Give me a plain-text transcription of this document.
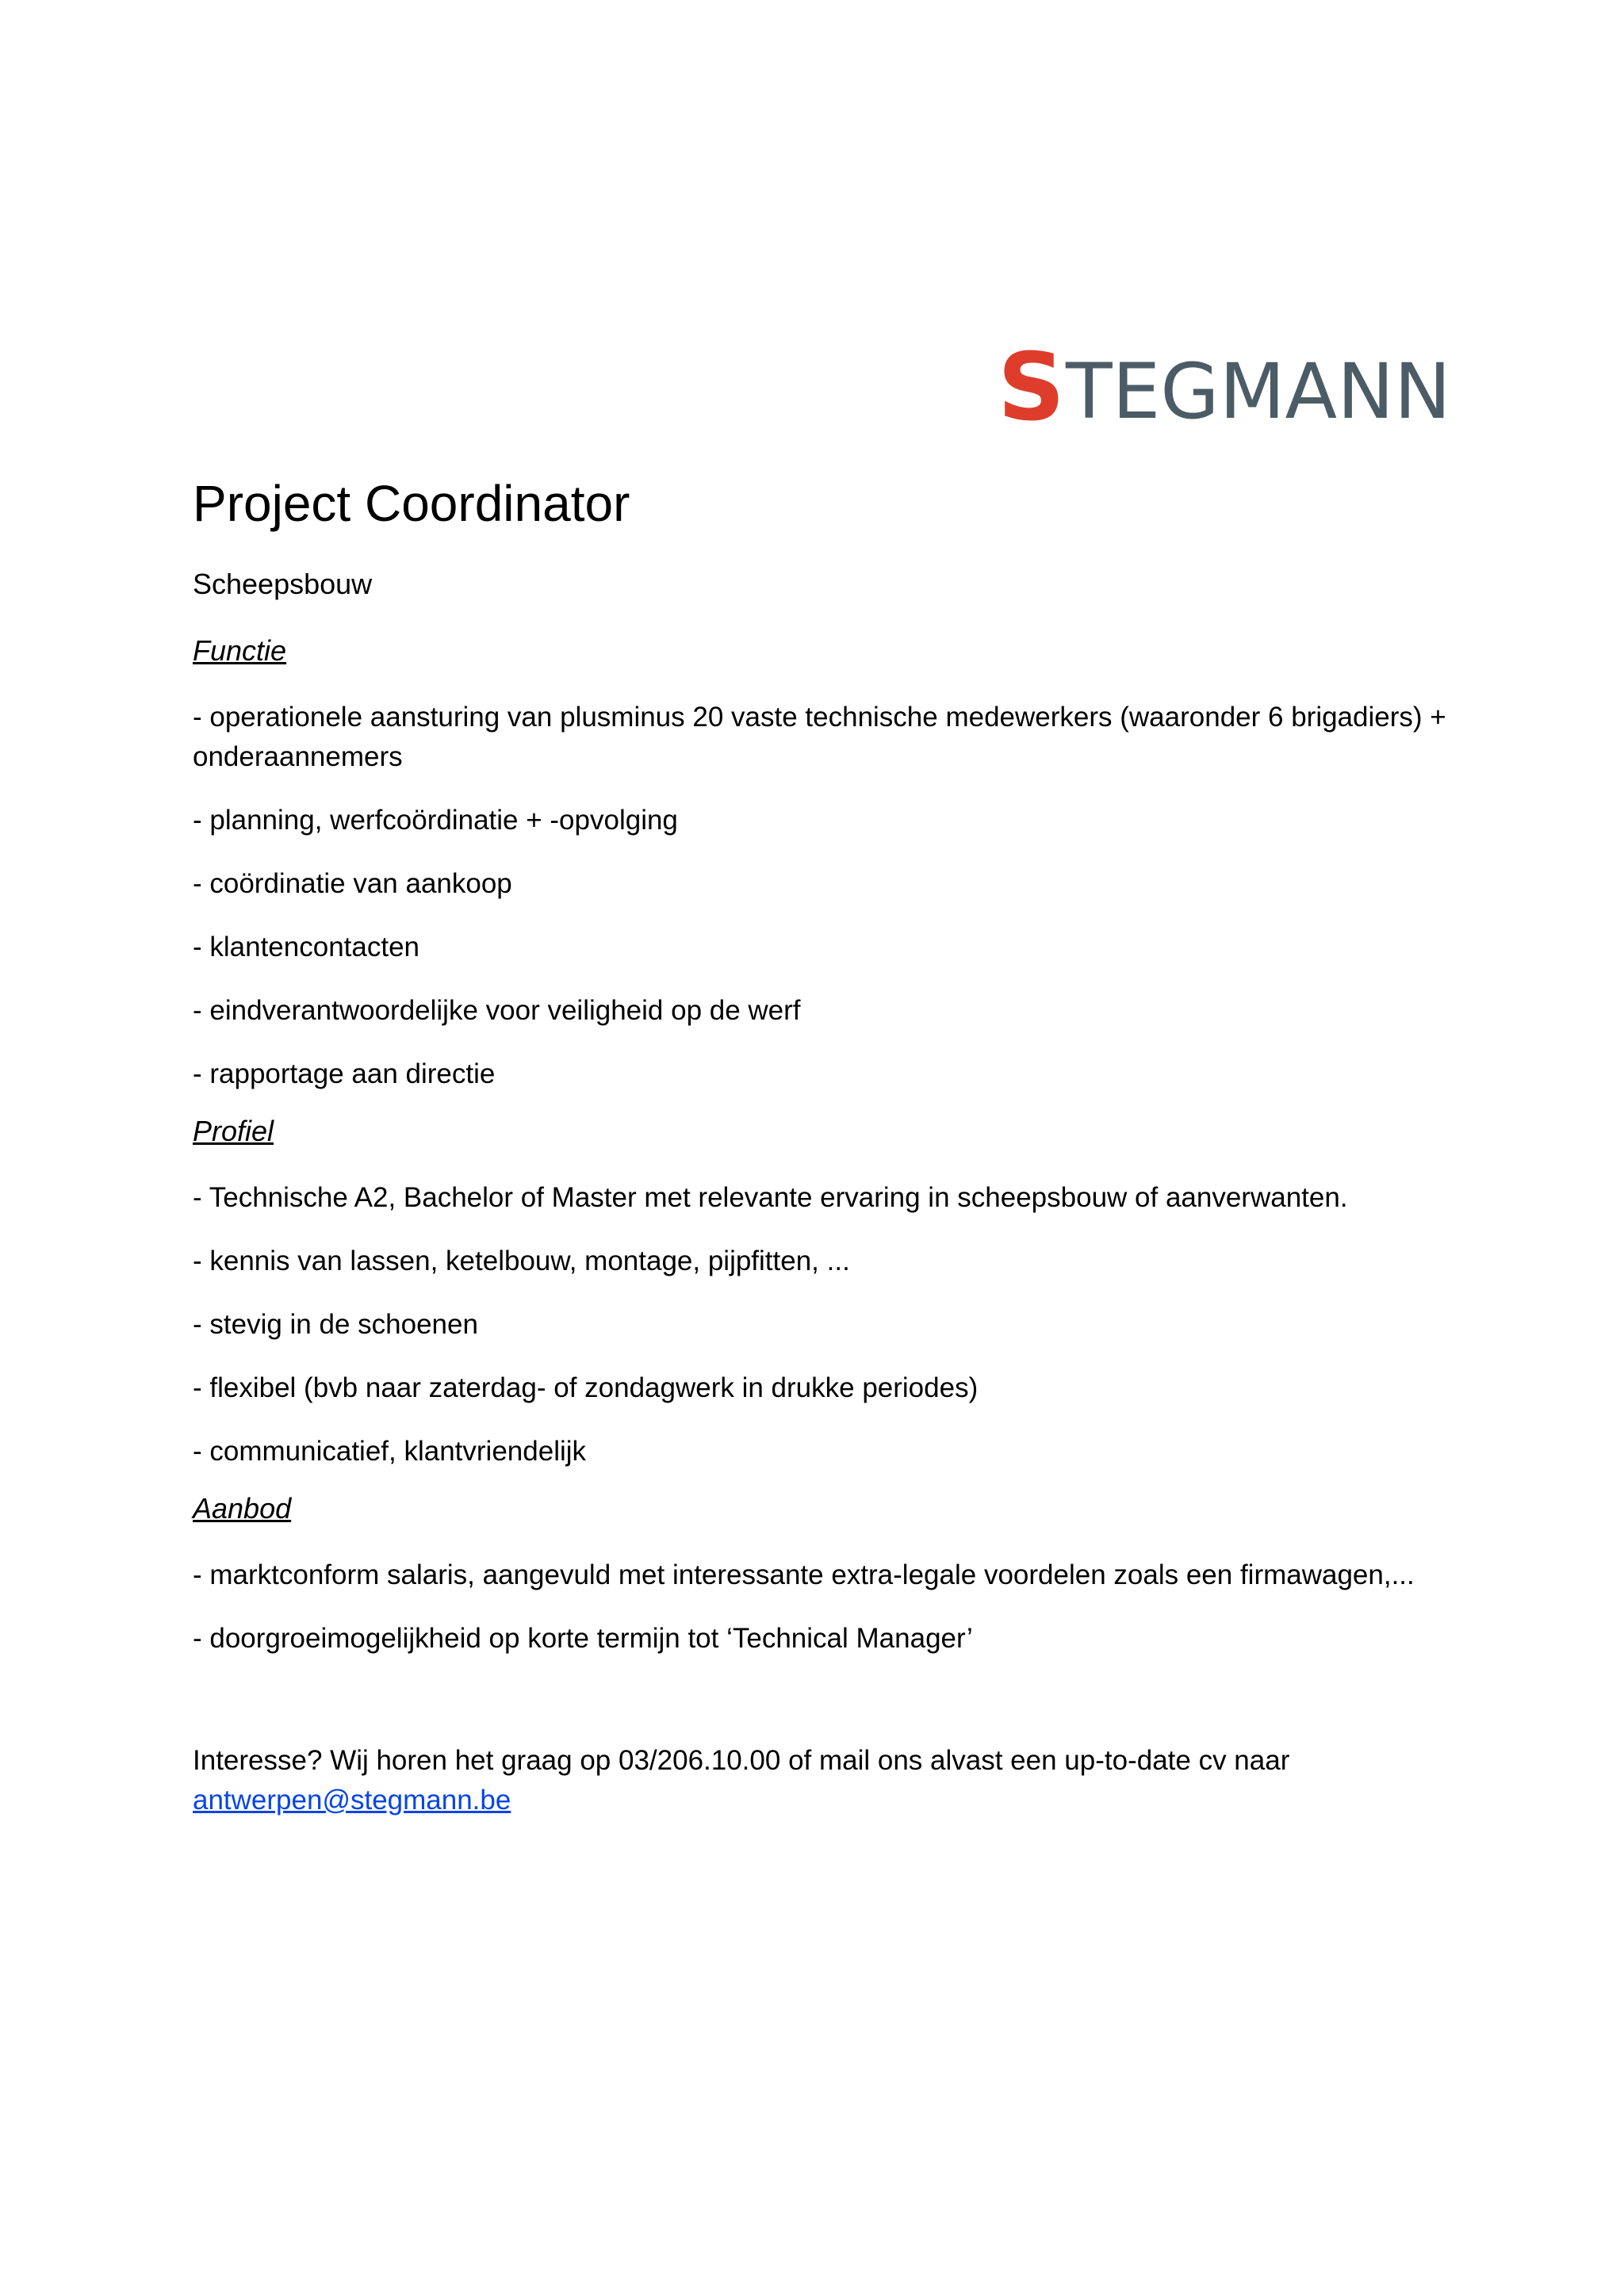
S TEGMANN
Project Coordinator
Scheepsbouw
Functie
- operationele aansturing van plusminus 20 vaste technische medewerkers (waaronder 6 brigadiers) + onderaannemers
- planning, werfcoördinatie + -opvolging
- coördinatie van aankoop
- klantencontacten
- eindverantwoordelijke voor veiligheid op de werf
- rapportage aan directie
Profiel
- Technische A2, Bachelor of Master met relevante ervaring in scheepsbouw of aanverwanten.
- kennis van lassen, ketelbouw, montage, pijpfitten, ...
- stevig in de schoenen
- flexibel (bvb naar zaterdag- of zondagwerk in drukke periodes)
- communicatief, klantvriendelijk
Aanbod
- marktconform salaris, aangevuld met interessante extra-legale voordelen zoals een firmawagen,...
- doorgroeimogelijkheid op korte termijn tot ‘Technical Manager’
Interesse? Wij horen het graag op 03/206.10.00 of mail ons alvast een up-to-date cv naar
antwerpen@stegmann.be
